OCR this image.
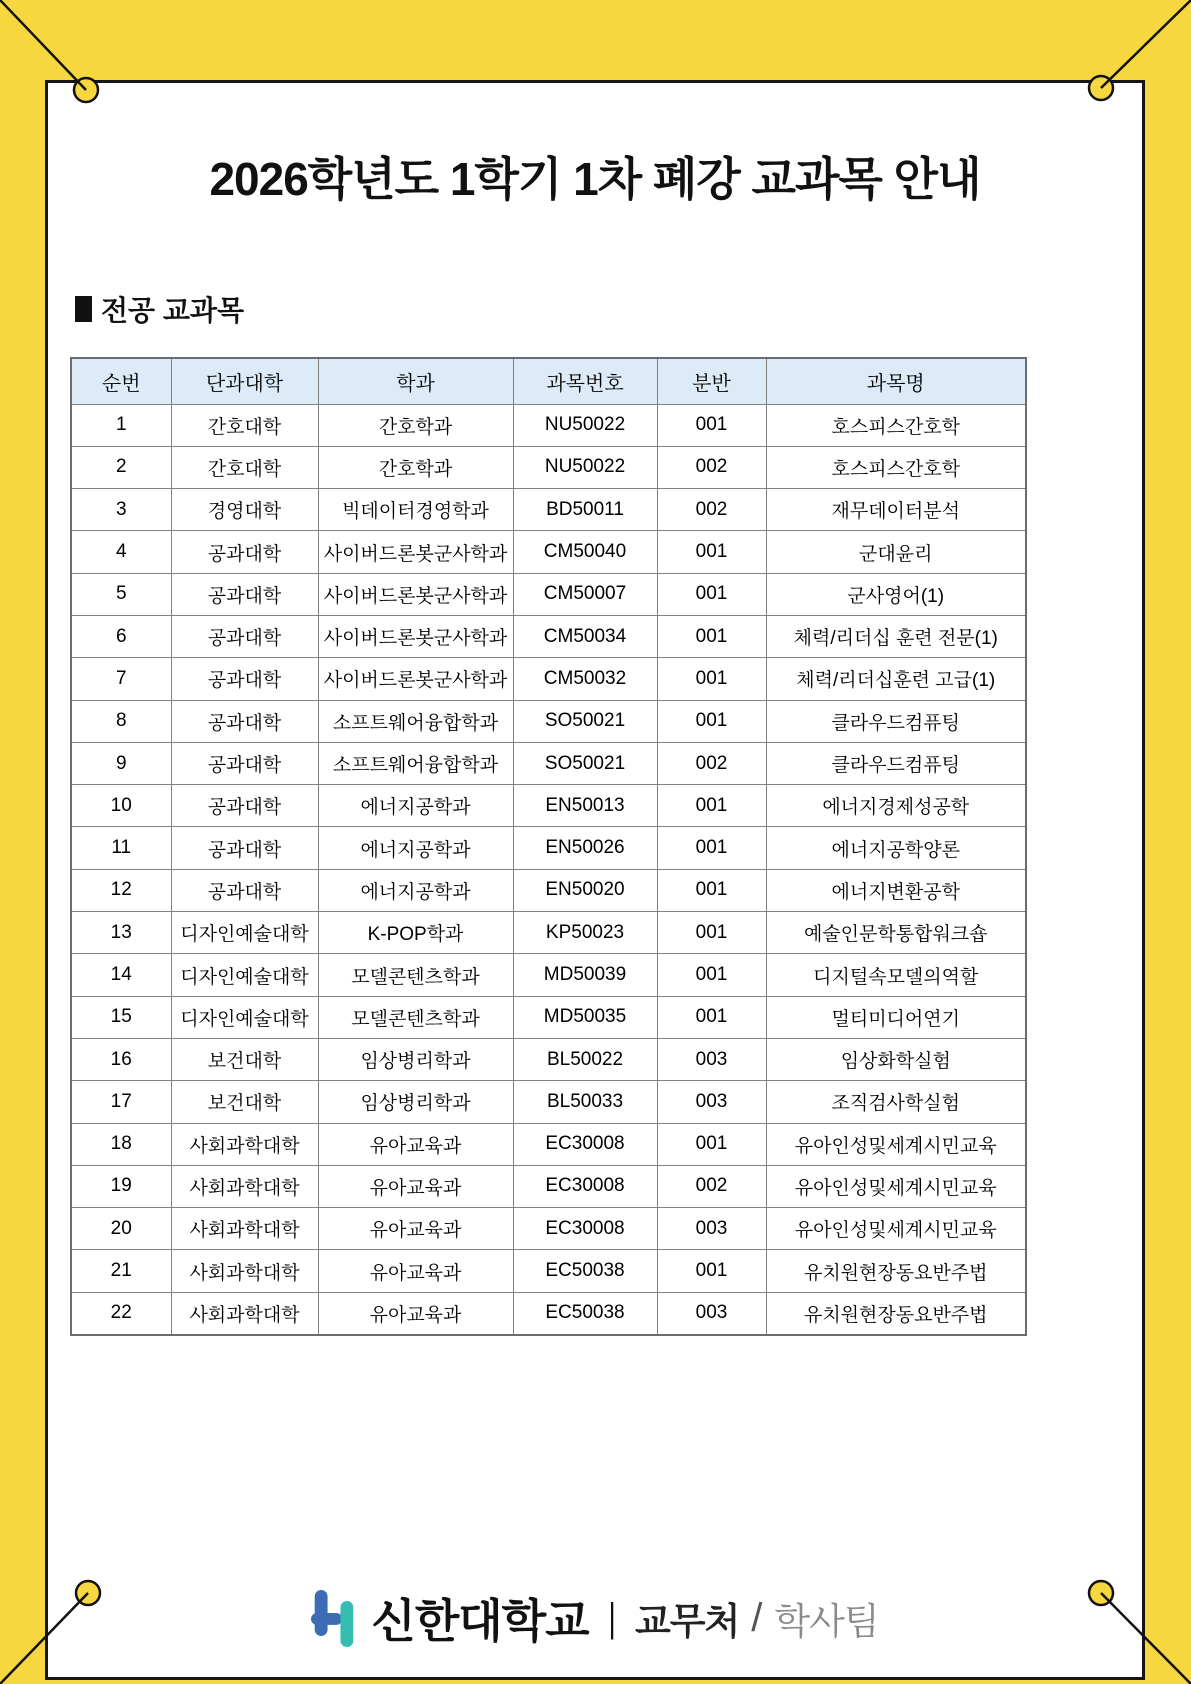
2026학년도 1학기 1차 폐강 교과목 안내
전공 교과목
순번	단과대학	학과	과목번호	분반	과목명
1	간호대학	간호학과	NU50022	001	호스피스간호학
2	간호대학	간호학과	NU50022	002	호스피스간호학
3	경영대학	빅데이터경영학과	BD50011	002	재무데이터분석
4	공과대학	사이버드론봇군사학과	CM50040	001	군대윤리
5	공과대학	사이버드론봇군사학과	CM50007	001	군사영어(1)
6	공과대학	사이버드론봇군사학과	CM50034	001	체력/리더십 훈련 전문(1)
7	공과대학	사이버드론봇군사학과	CM50032	001	체력/리더십훈련 고급(1)
8	공과대학	소프트웨어융합학과	SO50021	001	클라우드컴퓨팅
9	공과대학	소프트웨어융합학과	SO50021	002	클라우드컴퓨팅
10	공과대학	에너지공학과	EN50013	001	에너지경제성공학
11	공과대학	에너지공학과	EN50026	001	에너지공학양론
12	공과대학	에너지공학과	EN50020	001	에너지변환공학
13	디자인예술대학	K-POP학과	KP50023	001	예술인문학통합워크숍
14	디자인예술대학	모델콘텐츠학과	MD50039	001	디지털속모델의역할
15	디자인예술대학	모델콘텐츠학과	MD50035	001	멀티미디어연기
16	보건대학	임상병리학과	BL50022	003	임상화학실험
17	보건대학	임상병리학과	BL50033	003	조직검사학실험
18	사회과학대학	유아교육과	EC30008	001	유아인성및세계시민교육
19	사회과학대학	유아교육과	EC30008	002	유아인성및세계시민교육
20	사회과학대학	유아교육과	EC30008	003	유아인성및세계시민교육
21	사회과학대학	유아교육과	EC50038	001	유치원현장동요반주법
22	사회과학대학	유아교육과	EC50038	003	유치원현장동요반주법
신한대학교 | 교무처 / 학사팀
